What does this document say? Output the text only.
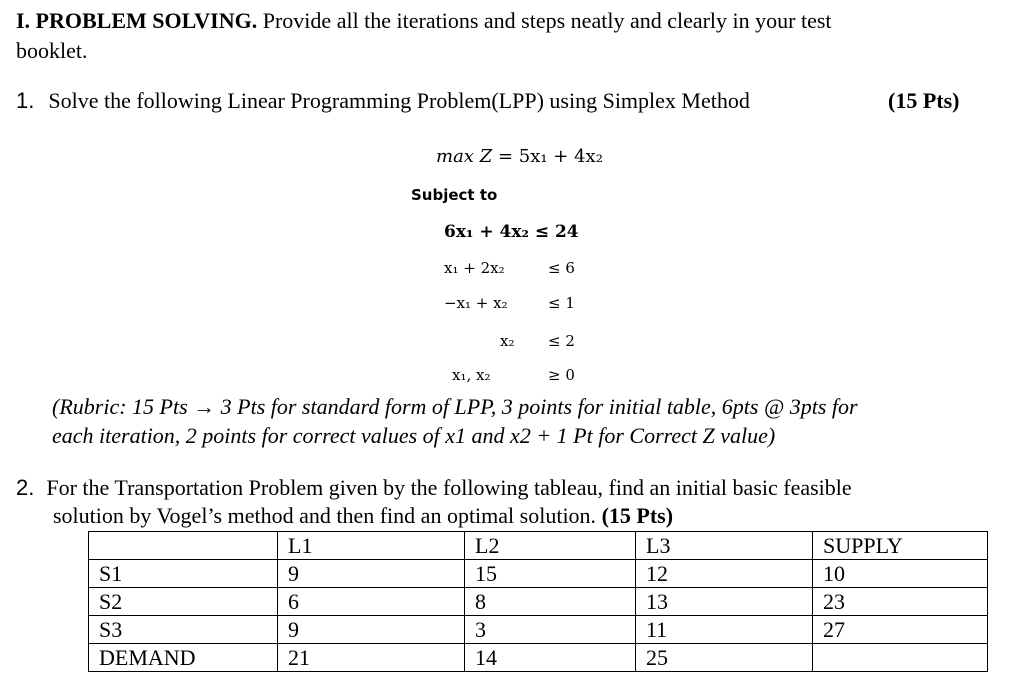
I. PROBLEM SOLVING. Provide all the iterations and steps neatly and clearly in your test
booklet.
1. Solve the following Linear Programming Problem(LPP) using Simplex Method	(15 Pts)
max Z = 5x₁ + 4x₂
Subject to
6x₁ + 4x₂ ≤ 24
x₁ + 2x₂	≤ 6
−x₁ + x₂	≤ 1
x₂ ≤ 2
x₁, x₂	≥ 0
(Rubric: 15 Pts → 3 Pts for standard form of LPP, 3 points for initial table, 6pts @ 3pts for
each iteration, 2 points for correct values of x1 and x2 + 1 Pt for Correct Z value)
2. For the Transportation Problem given by the following tableau, find an initial basic feasible
solution by Vogel’s method and then find an optimal solution. (15 Pts)
	L1	L2	L3	SUPPLY
S1	9	15	12	10
S2	6	8	13	23
S3	9	3	11	27
DEMAND	21	14	25	
